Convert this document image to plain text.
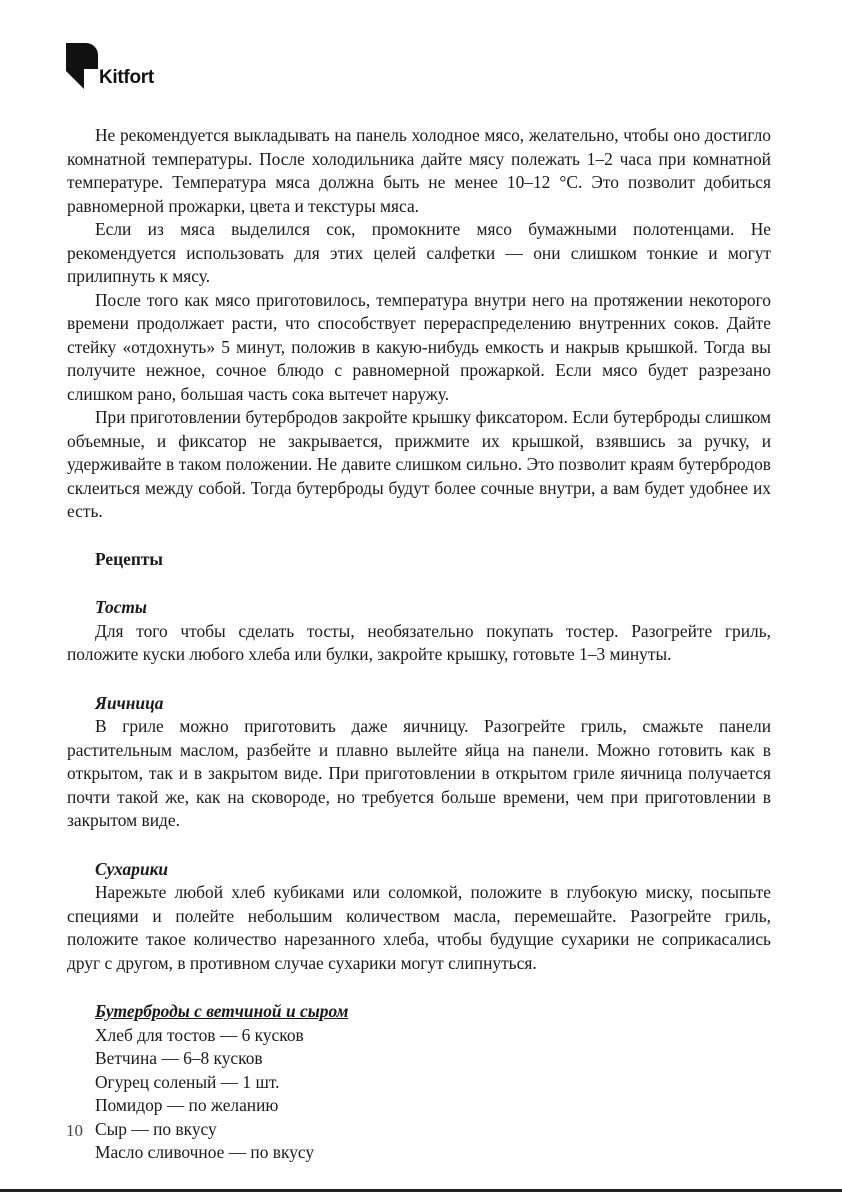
Kitfort

Не рекомендуется выкладывать на панель холодное мясо, желательно, чтобы оно достигло комнатной температуры. После холодильника дайте мясу полежать 1–2 часа при комнатной температуре. Температура мяса должна быть не менее 10–12 °C. Это позволит добиться равномерной прожарки, цвета и текстуры мяса.

Если из мяса выделился сок, промокните мясо бумажными полотенцами. Не рекомендуется использовать для этих целей салфетки — они слишком тонкие и могут прилипнуть к мясу.

После того как мясо приготовилось, температура внутри него на протяжении некоторого времени продолжает расти, что способствует перераспределению внутренних соков. Дайте стейку «отдохнуть» 5 минут, положив в какую-нибудь емкость и накрыв крышкой. Тогда вы получите нежное, сочное блюдо с равномерной прожаркой. Если мясо будет разрезано слишком рано, большая часть сока вытечет наружу.

При приготовлении бутербродов закройте крышку фиксатором. Если бутерброды слишком объемные, и фиксатор не закрывается, прижмите их крышкой, взявшись за ручку, и удерживайте в таком положении. Не давите слишком сильно. Это позволит краям бутербродов склеиться между собой. Тогда бутерброды будут более сочные внутри, а вам будет удобнее их есть.

Рецепты
Тосты

Для того чтобы сделать тосты, необязательно покупать тостер. Разогрейте гриль, положите куски любого хлеба или булки, закройте крышку, готовьте 1–3 минуты.

Яичница

В гриле можно приготовить даже яичницу. Разогрейте гриль, смажьте панели растительным маслом, разбейте и плавно вылейте яйца на панели. Можно готовить как в открытом, так и в закрытом виде. При приготовлении в открытом гриле яичница получается почти такой же, как на сковороде, но требуется больше времени, чем при приготовлении в закрытом виде.

Сухарики

Нарежьте любой хлеб кубиками или соломкой, положите в глубокую миску, посыпьте специями и полейте небольшим количеством масла, перемешайте. Разогрейте гриль, положите такое количество нарезанного хлеба, чтобы будущие сухарики не соприкасались друг с другом, в противном случае сухарики могут слипнуться.

Бутерброды с ветчиной и сыром
Хлеб для тостов — 6 кусков
Ветчина — 6–8 кусков
Огурец соленый — 1 шт.
Помидор — по желанию
Сыр — по вкусу
Масло сливочное — по вкусу
10
